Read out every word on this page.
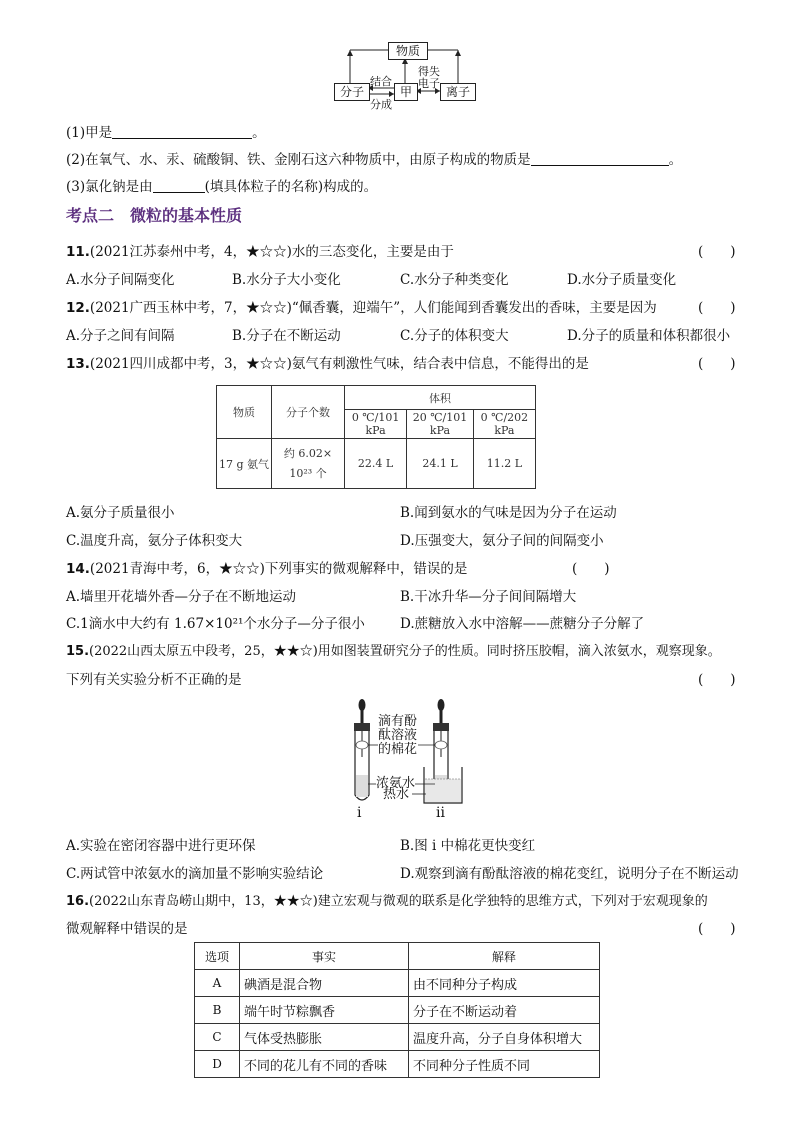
物质
分子	甲	离子
结合
分成
得失
电子
(1)甲是	。
(2)在氧气、水、汞、硫酸铜、铁、金刚石这六种物质中，由原子构成的物质是	。
(3)氯化钠是由	(填具体粒子的名称)构成的。
考点二　微粒的基本性质
11.(2021江苏泰州中考，4，★☆☆)水的三态变化，主要是由于	(　　)
A.水分子间隔变化	B.水分子大小变化	C.水分子种类变化	D.水分子质量变化
12.(2021广西玉林中考，7，★☆☆)“佩香囊，迎端午”，人们能闻到香囊发出的香味，主要是因为	(　　)
A.分子之间有间隔	B.分子在不断运动	C.分子的体积变大	D.分子的质量和体积都很小
13.(2021四川成都中考，3，★☆☆)氨气有刺激性气味，结合表中信息，不能得出的是	(　　)
物质	分子个数	体积		
		0 ℃/101 kPa	20 ℃/101 kPa	0 ℃/202 kPa
17 g 氨气	约 6.02×
10²³ 个	22.4 L	24.1 L	11.2 L
A.氨分子质量很小	B.闻到氨水的气味是因为分子在运动
C.温度升高，氨分子体积变大	D.压强变大，氨分子间的间隔变小
14.(2021青海中考，6，★☆☆)下列事实的微观解释中，错误的是	(　　)
A.墙里开花墙外香—分子在不断地运动	B.干冰升华—分子间间隔增大
C.1滴水中大约有 1.67×10²¹个水分子—分子很小	D.蔗糖放入水中溶解——蔗糖分子分解了
15.(2022山西太原五中段考，25，★★☆)用如图装置研究分子的性质。同时挤压胶帽，滴入浓氨水，观察现象。
下列有关实验分析不正确的是	(　　)
滴有酚
酞溶液
的棉花
浓氨水
热水
i	ii
A.实验在密闭容器中进行更环保	B.图 i 中棉花更快变红
C.两试管中浓氨水的滴加量不影响实验结论	D.观察到滴有酚酞溶液的棉花变红，说明分子在不断运动
16.(2022山东青岛崂山期中，13，★★☆)建立宏观与微观的联系是化学独特的思维方式，下列对于宏观现象的
微观解释中错误的是	(　　)
选项	事实	解释
A	碘酒是混合物	由不同种分子构成
B	端午时节粽飘香	分子在不断运动着
C	气体受热膨胀	温度升高，分子自身体积增大
D	不同的花儿有不同的香味	不同种分子性质不同
